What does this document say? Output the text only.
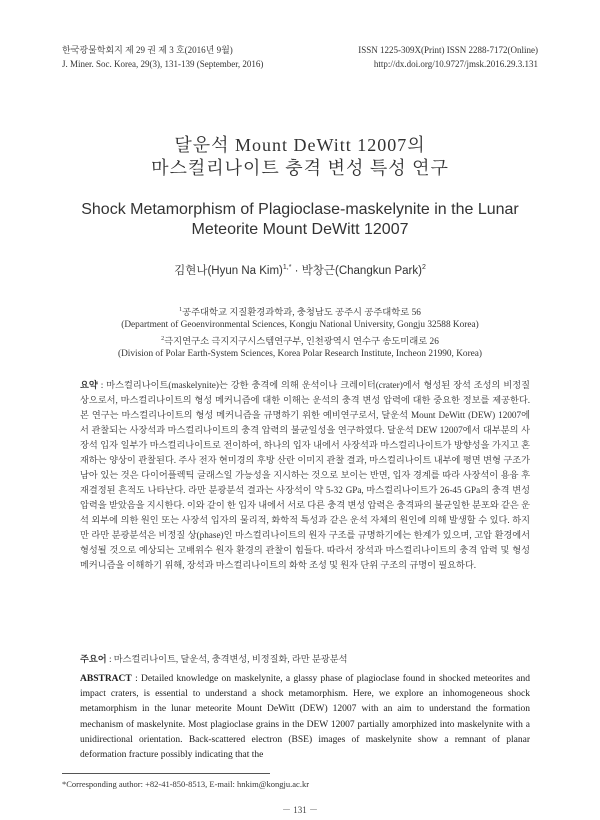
한국광물학회지 제 29 권 제 3 호(2016년 9월)
J. Miner. Soc. Korea, 29(3), 131-139 (September, 2016)
ISSN 1225-309X(Print) ISSN 2288-7172(Online)
http://dx.doi.org/10.9727/jmsk.2016.29.3.131
달운석 Mount DeWitt 12007의
마스컬리나이트 충격 변성 특성 연구
Shock Metamorphism of Plagioclase-maskelynite in the Lunar
Meteorite Mount DeWitt 12007
김현나(Hyun Na Kim)$^{1,*}$ · 박창근(Changkun Park)$^2$
$^1$공주대학교 지질환경과학과, 충청남도 공주시 공주대학로 56
(Department of Geoenvironmental Sciences, Kongju National University, Gongju 32588 Korea)
$^2$극지연구소 극지지구시스템연구부, 인천광역시 연수구 송도미래로 26
(Division of Polar Earth-System Sciences, Korea Polar Research Institute, Incheon 21990, Korea)

요약 : 마스컬리나이트(maskelynite)는 강한 충격에 의해 운석이나 크레이터(crater)에서 형성된 장석 조성의 비정질 상으로서, 마스컬리나이트의 형성 메커니즘에 대한 이해는 운석의 충격 변성 압력에 대한 중요한 정보를 제공한다. 본 연구는 마스컬리나이트의 형성 메커니즘을 규명하기 위한 예비연구로서, 달운석 Mount DeWitt (DEW) 12007에서 관찰되는 사장석과 마스컬리나이트의 충격 압력의 불균일성을 연구하였다. 달운석 DEW 12007에서 대부분의 사장석 입자 일부가 마스컬리나이트로 전이하여, 하나의 입자 내에서 사장석과 마스컬리나이트가 방향성을 가지고 혼재하는 양상이 관찰된다. 주사 전자 현미경의 후방 산란 이미지 관찰 결과, 마스컬리나이트 내부에 평면 변형 구조가 남아 있는 것은 다이어플렉틱 글래스일 가능성을 지시하는 것으로 보이는 반면, 입자 경계를 따라 사장석이 용융 후 재결정된 흔적도 나타난다. 라만 분광분석 결과는 사장석이 약 5-32 GPa, 마스컬리나이트가 26-45 GPa의 충격 변성 압력을 받았음을 지시한다. 이와 같이 한 입자 내에서 서로 다른 충격 변성 압력은 충격파의 불균일한 분포와 같은 운석 외부에 의한 원인 또는 사장석 입자의 물리적, 화학적 특성과 같은 운석 자체의 원인에 의해 발생할 수 있다. 하지만 라만 분광분석은 비정질 상(phase)인 마스컬리나이트의 원자 구조를 규명하기에는 한계가 있으며, 고압 환경에서 형성될 것으로 예상되는 고배위수 원자 환경의 관찰이 힘들다. 따라서 장석과 마스컬리나이트의 충격 압력 및 형성 메커니즘을 이해하기 위해, 장석과 마스컬리나이트의 화학 조성 및 원자 단위 구조의 규명이 필요하다.

주요어 : 마스컬리나이트, 달운석, 충격변성, 비정질화, 라만 분광분석

ABSTRACT : Detailed knowledge on maskelynite, a glassy phase of plagioclase found in shocked meteorites and impact craters, is essential to understand a shock metamorphism. Here, we explore an inhomogeneous shock metamorphism in the lunar meteorite Mount DeWitt (DEW) 12007 with an aim to understand the formation mechanism of maskelynite. Most plagioclase grains in the DEW 12007 partially amorphized into maskelynite with a unidirectional orientation. Back-scattered electron (BSE) images of maskelynite show a remnant of planar deformation fracture possibly indicating that the

*Corresponding author: +82-41-850-8513, E-mail: hnkim@kongju.ac.kr
－ 131 －
